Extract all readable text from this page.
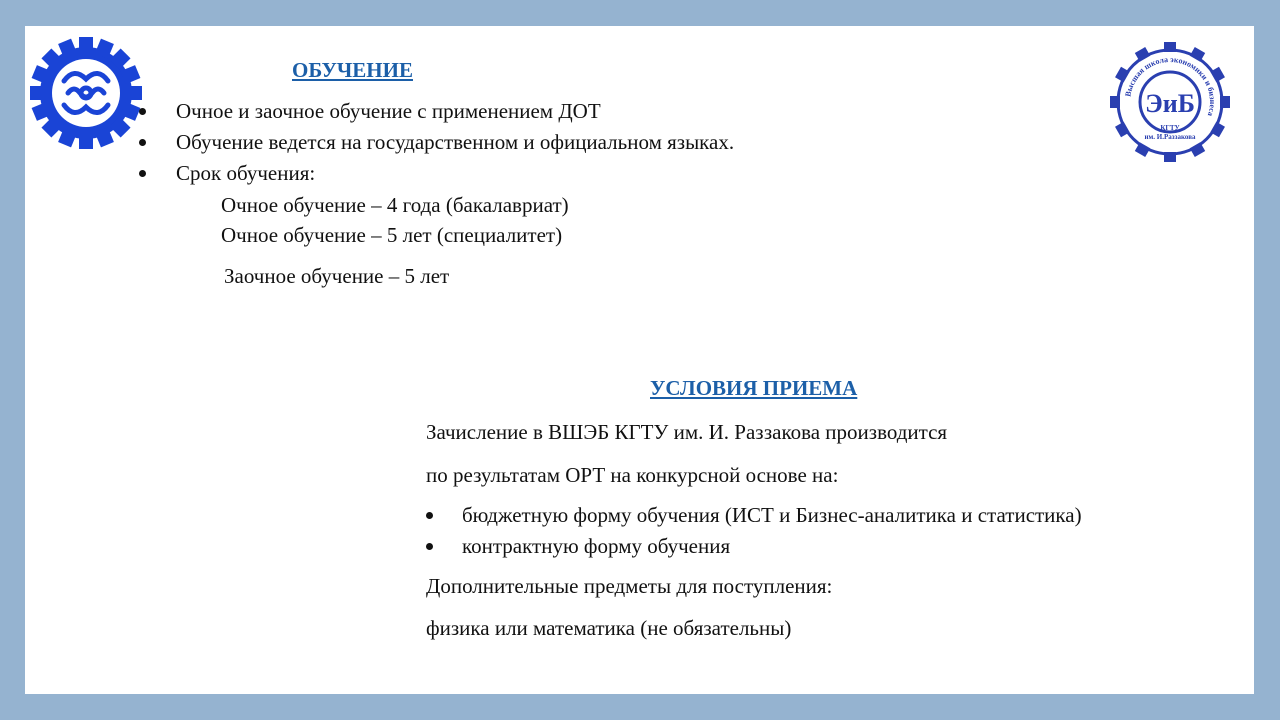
Высшая школа экономики и бизнеса
ЭиБ
КГТУ
им. И.Раззакова
ОБУЧЕНИЕ
Очное и заочное обучение с применением ДОТ
Обучение ведется на государственном и официальном языках.
Срок обучения:
Очное обучение – 4 года (бакалавриат)
Очное обучение – 5 лет (специалитет)
Заочное обучение – 5 лет
УСЛОВИЯ ПРИЕМА
Зачисление в ВШЭБ КГТУ им. И. Раззакова производится
по результатам ОРТ на конкурсной основе на:
бюджетную форму обучения (ИСТ и Бизнес-аналитика и статистика)
контрактную форму обучения
Дополнительные предметы для поступления:
физика или математика (не обязательны)
